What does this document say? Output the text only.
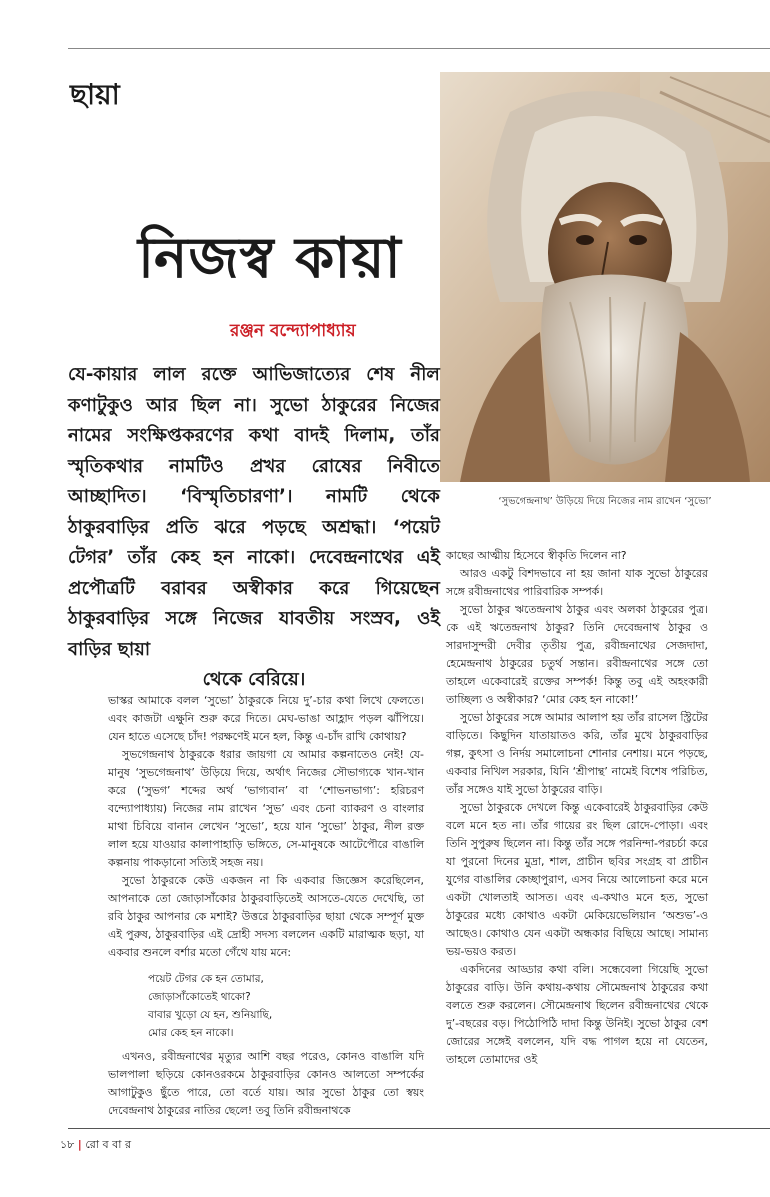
ছায়া
‘সুভগেন্দ্রনাথ’ উড়িয়ে দিয়ে নিজের নাম রাখেন ‘সুভো’
নিজস্ব কায়া
রঞ্জন বন্দ্যোপাধ্যায়

যে-কায়ার লাল রক্তে আভিজাত্যের শেষ নীল কণাটুকুও আর ছিল না। সুভো ঠাকুরের নিজের নামের সংক্ষিপ্তকরণের কথা বাদই দিলাম, তাঁর স্মৃতিকথার নামটিও প্রখর রোষের নিবীতে আচ্ছাদিত। ‘বিস্মৃতিচারণা’। নামটি থেকে ঠাকুরবাড়ির প্রতি ঝরে পড়ছে অশ্রদ্ধা। ‘পয়েট টেগর’ তাঁর কেহ হন নাকো। দেবেন্দ্রনাথের এই প্রপৌত্রটি বরাবর অস্বীকার করে গিয়েছেন ঠাকুরবাড়ির সঙ্গে নিজের যাবতীয় সংস্রব, ওই বাড়ির ছায়া

থেকে বেরিয়ে।

ভাস্কর আমাকে বলল ‘সুভো’ ঠাকুরকে নিয়ে দু’-চার কথা লিখে ফেলতে। এবং কাজটা এক্ষুনি শুরু করে দিতে। মেঘ-ভাঙা আহ্লাদ পড়ল ঝাঁপিয়ে। যেন হাতে এসেছে চাঁদ! পরক্ষণেই মনে হল, কিন্তু এ-চাঁদ রাখি কোথায়?

সুভগেন্দ্রনাথ ঠাকুরকে ধরার জায়গা যে আমার কল্পনাতেও নেই! যে-মানুষ ‘সুভগেন্দ্রনাথ’ উড়িয়ে দিয়ে, অর্থাৎ নিজের সৌভাগ্যকে খান-খান করে (‘সুভগ’ শব্দের অর্থ ‘ভাগ্যবান’ বা ‘শোভনভাগ্য’: হরিচরণ বন্দ্যোপাধ্যায়) নিজের নাম রাখেন ‘সুভ’ এবং চেনা ব্যাকরণ ও বাংলার মাথা চিবিয়ে বানান লেখেন ‘সুভো’, হয়ে যান ‘সুভো’ ঠাকুর, নীল রক্ত লাল হয়ে যাওয়ার কালাপাহাড়ি ভঙ্গিতে, সে-মানুষকে আটেপৌরে বাঙালি কল্পনায় পাকড়ানো সত্যিই সহজ নয়।

সুভো ঠাকুরকে কেউ একজন না কি একবার জিজ্ঞেস করেছিলেন, আপনাকে তো জোড়াসাঁকোর ঠাকুরবাড়িতেই আসতে-যেতে দেখেছি, তা রবি ঠাকুর আপনার কে মশাই? উত্তরে ঠাকুরবাড়ির ছায়া থেকে সম্পূর্ণ মুক্ত এই পুরুষ, ঠাকুরবাড়ির এই দ্রোহী সদস্য বললেন একটি মারাত্মক ছড়া, যা একবার শুনলে বর্শার মতো গেঁথে যায় মনে:

পয়েট টেগর কে হন তোমার,
জোড়াসাঁকোতেই থাকো?
বাবার খুড়ো যে হন, শুনিয়াছি,
মোর কেহ হন নাকো।

এখনও, রবীন্দ্রনাথের মৃত্যুর আশি বছর পরেও, কোনও বাঙালি যদি ভালপালা ছড়িয়ে কোনওরকমে ঠাকুরবাড়ির কোনও আলতো সম্পর্কের আগাটুকুও ছুঁতে পারে, তো বর্তে যায়। আর সুভো ঠাকুর তো স্বয়ং দেবেন্দ্রনাথ ঠাকুরের নাতির ছেলে! তবু তিনি রবীন্দ্রনাথকে

কাছের আত্মীয় হিসেবে স্বীকৃতি দিলেন না?

আরও একটু বিশদভাবে না হয় জানা যাক সুভো ঠাকুরের সঙ্গে রবীন্দ্রনাথের পারিবারিক সম্পর্ক।

সুভো ঠাকুর ঋতেন্দ্রনাথ ঠাকুর এবং অলকা ঠাকুরের পুত্র। কে এই ঋতেন্দ্রনাথ ঠাকুর? তিনি দেবেন্দ্রনাথ ঠাকুর ও সারদাসুন্দরী দেবীর তৃতীয় পুত্র, রবীন্দ্রনাথের সেজদাদা, হেমেন্দ্রনাথ ঠাকুরের চতুর্থ সন্তান। রবীন্দ্রনাথের সঙ্গে তো তাহলে একেবারেই রক্তের সম্পর্ক! কিন্তু তবু এই অহংকারী তাচ্ছিল্য ও অস্বীকার? ‘মোর কেহ হন নাকো!’

সুভো ঠাকুরের সঙ্গে আমার আলাপ হয় তাঁর রাসেল স্ট্রিটের বাড়িতে। কিছুদিন যাতায়াতও করি, তাঁর মুখে ঠাকুরবাড়ির গল্প, কুৎসা ও নির্দয় সমালোচনা শোনার নেশায়। মনে পড়ছে, একবার নিখিল সরকার, যিনি ‘শ্রীপান্থ’ নামেই বিশেষ পরিচিত, তাঁর সঙ্গেও যাই সুভো ঠাকুরের বাড়ি।

সুভো ঠাকুরকে দেখলে কিন্তু একেবারেই ঠাকুরবাড়ির কেউ বলে মনে হত না। তাঁর গায়ের রং ছিল রোদে-পোড়া। এবং তিনি সুপুরুষ ছিলেন না। কিন্তু তাঁর সঙ্গে পরনিন্দা-পরচর্চা করে যা পুরনো দিনের মুদ্রা, শাল, প্রাচীন ছবির সংগ্রহ বা প্রাচীন যুগের বাঙালির কেচ্ছাপুরাণ, এসব নিয়ে আলোচনা করে মনে একটা খোলতাই আসত। এবং এ-কথাও মনে হত, সুভো ঠাকুরের মধ্যে কোথাও একটা মেকিয়েভেলিয়ান ‘অশুভ’-ও আছেও। কোথাও যেন একটা অন্ধকার বিছিয়ে আছে। সামান্য ভয়-ভয়ও করত।

একদিনের আড্ডার কথা বলি। সন্ধেবেলা গিয়েছি সুভো ঠাকুরের বাড়ি। উনি কথায়-কথায় সৌমেন্দ্রনাথ ঠাকুরের কথা বলতে শুরু করলেন। সৌমেন্দ্রনাথ ছিলেন রবীন্দ্রনাথের থেকে দু’-বছরের বড়। পিঠোপিঠি দাদা কিন্তু উনিই। সুভো ঠাকুর বেশ জোরের সঙ্গেই বললেন, যদি বদ্ধ পাগল হয়ে না যেতেন, তাহলে তোমাদের ওই

১৮ | রো ব বা র
